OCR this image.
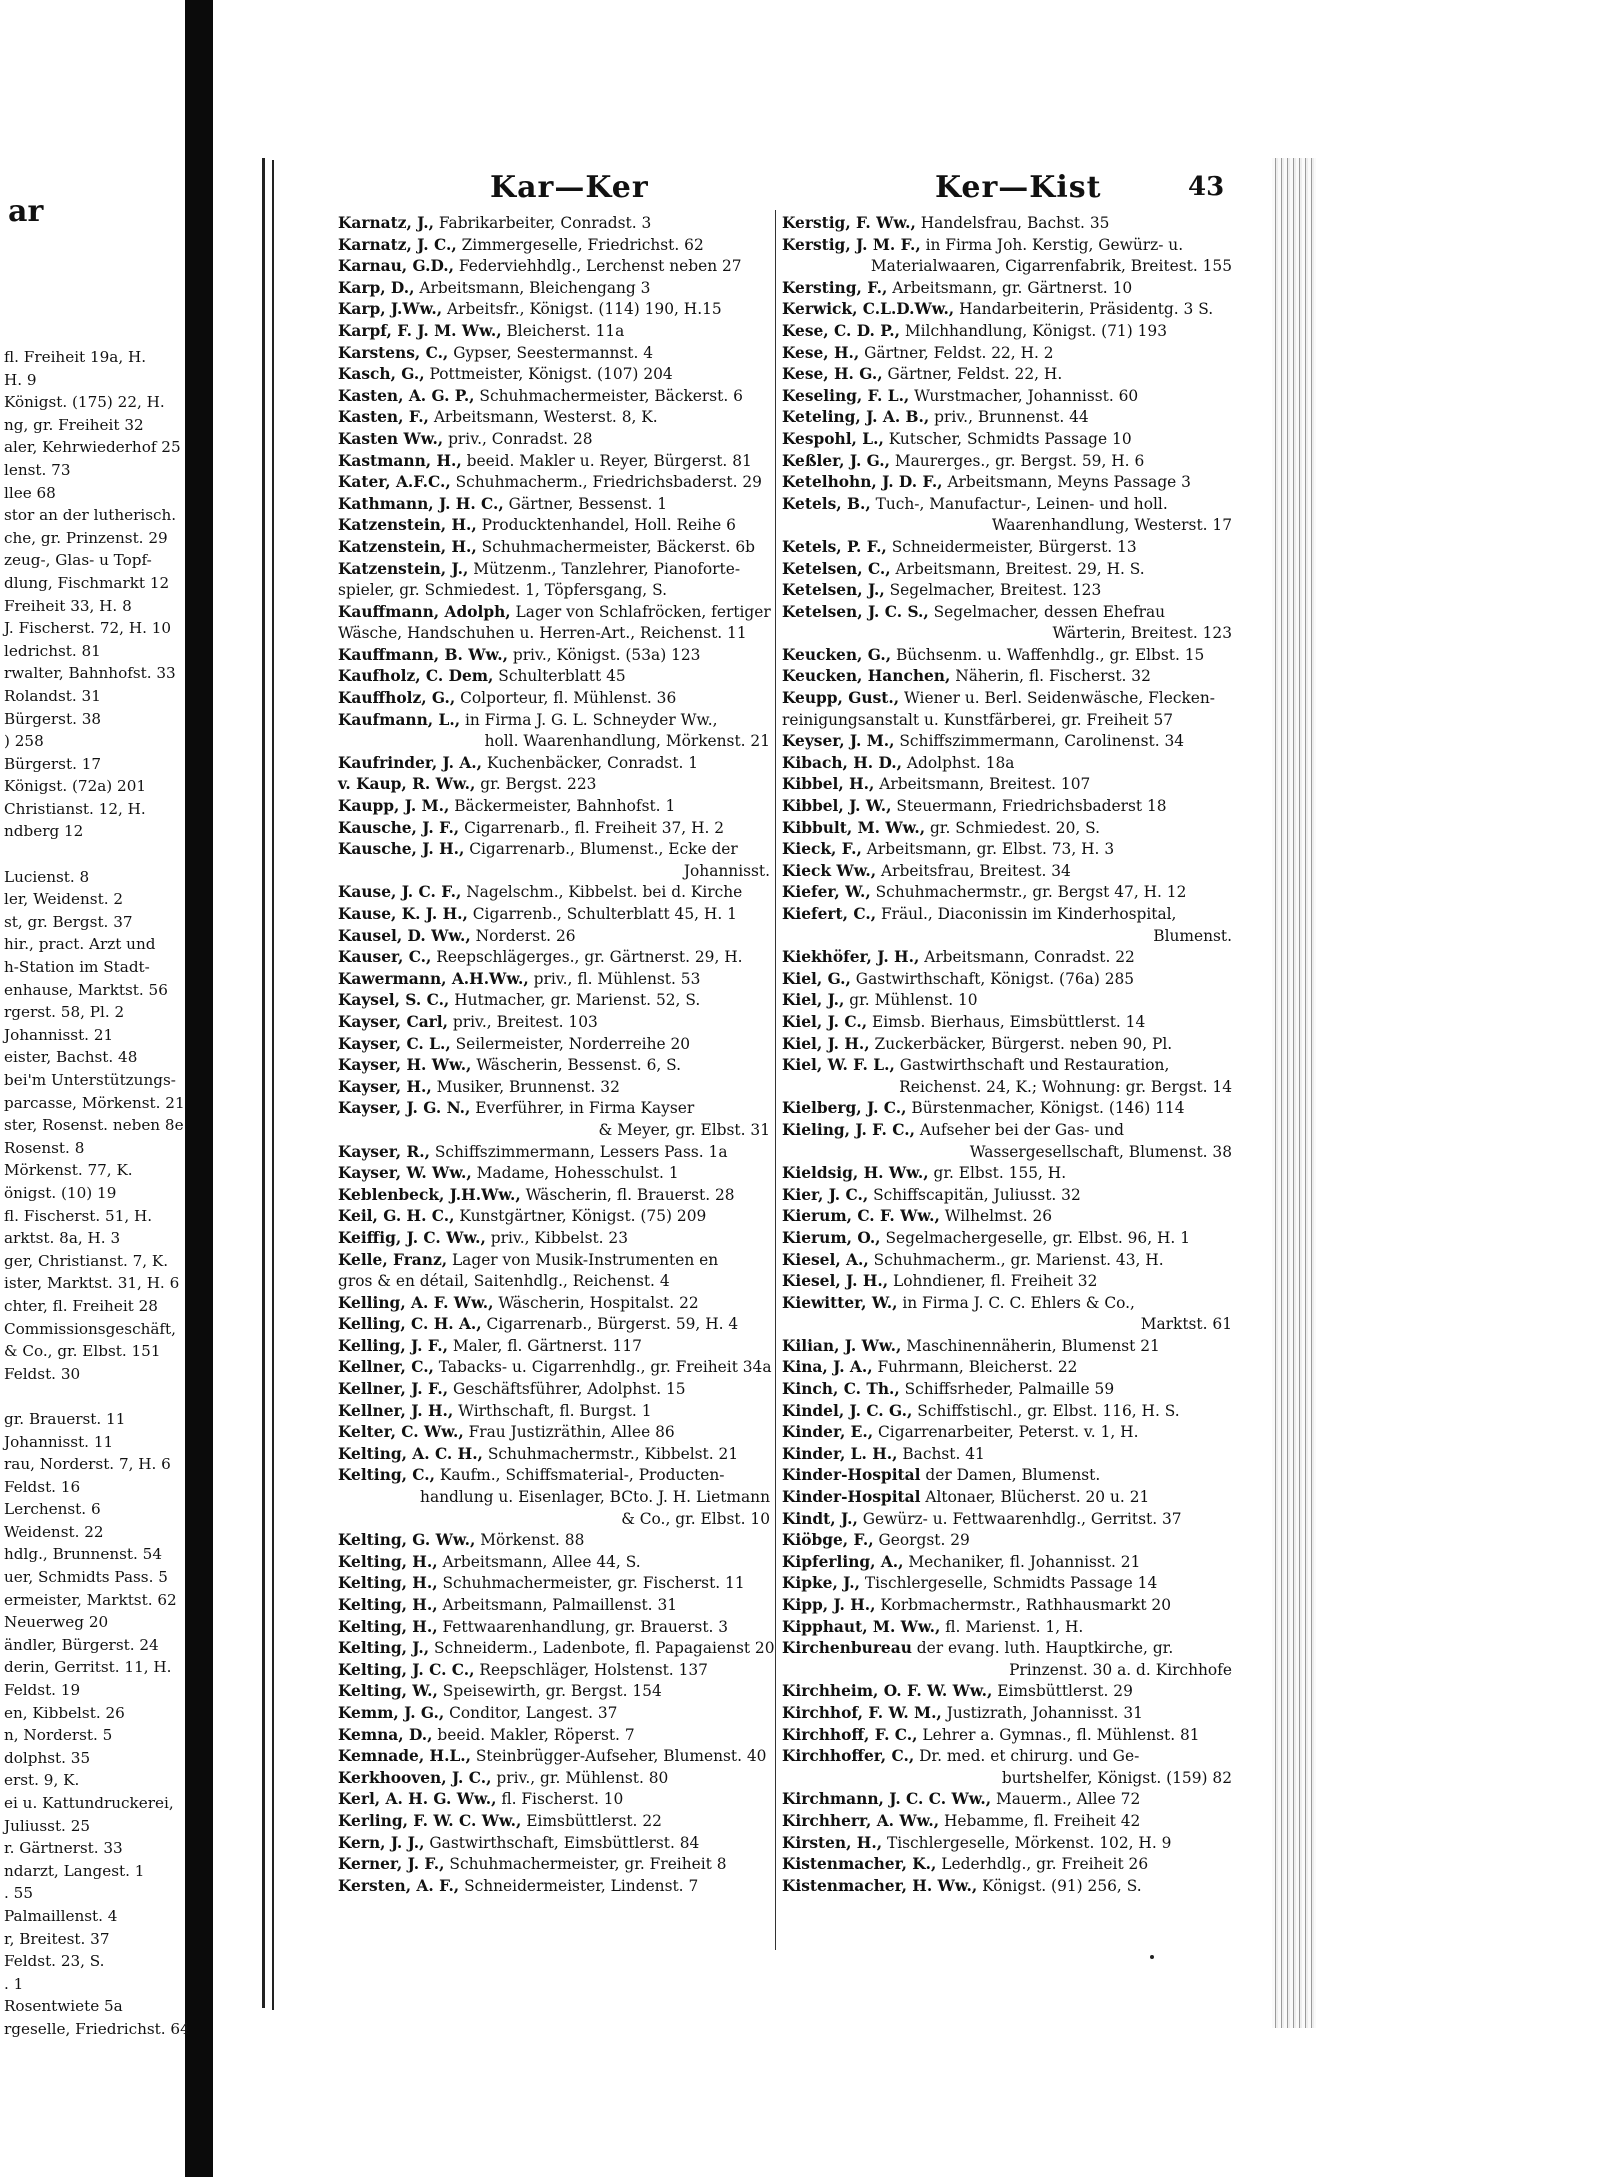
ar
fl. Freiheit 19a, H.
H. 9
Königst. (175) 22, H.
ng, gr. Freiheit 32
aler, Kehrwiederhof 25
lenst. 73
llee 68
stor an der lutherisch.
che, gr. Prinzenst. 29
zeug-, Glas- u Topf-
dlung, Fischmarkt 12
Freiheit 33, H. 8
J. Fischerst. 72, H. 10
ledrichst. 81
rwalter, Bahnhofst. 33
Rolandst. 31
Bürgerst. 38
) 258
Bürgerst. 17
Königst. (72a) 201
Christianst. 12, H.
ndberg 12
Lucienst. 8
ler, Weidenst. 2
st, gr. Bergst. 37
hir., pract. Arzt und
h-Station im Stadt-
enhause, Marktst. 56
rgerst. 58, Pl. 2
Johannisst. 21
eister, Bachst. 48
bei'm Unterstützungs-
parcasse, Mörkenst. 21
ster, Rosenst. neben 8e
Rosenst. 8
Mörkenst. 77, K.
önigst. (10) 19
fl. Fischerst. 51, H.
arktst. 8a, H. 3
ger, Christianst. 7, K.
ister, Marktst. 31, H. 6
chter, fl. Freiheit 28
Commissionsgeschäft,
& Co., gr. Elbst. 151
Feldst. 30
gr. Brauerst. 11
Johannisst. 11
rau, Norderst. 7, H. 6
Feldst. 16
Lerchenst. 6
Weidenst. 22
hdlg., Brunnenst. 54
uer, Schmidts Pass. 5
ermeister, Marktst. 62
Neuerweg 20
ändler, Bürgerst. 24
derin, Gerritst. 11, H.
Feldst. 19
en, Kibbelst. 26
n, Norderst. 5
dolphst. 35
erst. 9, K.
ei u. Kattundruckerei,
Juliusst. 25
r. Gärtnerst. 33
ndarzt, Langest. 1
. 55
Palmaillenst. 4
r, Breitest. 37
Feldst. 23, S.
. 1
Rosentwiete 5a
rgeselle, Friedrichst. 64
Kar—Ker	Ker—Kist	43
Karnatz, J., Fabrikarbeiter, Conradst. 3
Karnatz, J. C., Zimmergeselle, Friedrichst. 62
Karnau, G.D., Federviehhdlg., Lerchenst neben 27
Karp, D., Arbeitsmann, Bleichengang 3
Karp, J.Ww., Arbeitsfr., Königst. (114) 190, H.15
Karpf, F. J. M. Ww., Bleicherst. 11a
Karstens, C., Gypser, Seestermannst. 4
Kasch, G., Pottmeister, Königst. (107) 204
Kasten, A. G. P., Schuhmachermeister, Bäckerst. 6
Kasten, F., Arbeitsmann, Westerst. 8, K.
Kasten Ww., priv., Conradst. 28
Kastmann, H., beeid. Makler u. Reyer, Bürgerst. 81
Kater, A.F.C., Schuhmacherm., Friedrichsbaderst. 29
Kathmann, J. H. C., Gärtner, Bessenst. 1
Katzenstein, H., Producktenhandel, Holl. Reihe 6
Katzenstein, H., Schuhmachermeister, Bäckerst. 6b
Katzenstein, J., Mützenm., Tanzlehrer, Pianoforte-
spieler, gr. Schmiedest. 1, Töpfersgang, S.
Kauffmann, Adolph, Lager von Schlafröcken, fertiger
Wäsche, Handschuhen u. Herren-Art., Reichenst. 11
Kauffmann, B. Ww., priv., Königst. (53a) 123
Kaufholz, C. Dem, Schulterblatt 45
Kauffholz, G., Colporteur, fl. Mühlenst. 36
Kaufmann, L., in Firma J. G. L. Schneyder Ww.,
holl. Waarenhandlung, Mörkenst. 21
Kaufrinder, J. A., Kuchenbäcker, Conradst. 1
v. Kaup, R. Ww., gr. Bergst. 223
Kaupp, J. M., Bäckermeister, Bahnhofst. 1
Kausche, J. F., Cigarrenarb., fl. Freiheit 37, H. 2
Kausche, J. H., Cigarrenarb., Blumenst., Ecke der
Johannisst.
Kause, J. C. F., Nagelschm., Kibbelst. bei d. Kirche
Kause, K. J. H., Cigarrenb., Schulterblatt 45, H. 1
Kausel, D. Ww., Norderst. 26
Kauser, C., Reepschlägerges., gr. Gärtnerst. 29, H.
Kawermann, A.H.Ww., priv., fl. Mühlenst. 53
Kaysel, S. C., Hutmacher, gr. Marienst. 52, S.
Kayser, Carl, priv., Breitest. 103
Kayser, C. L., Seilermeister, Norderreihe 20
Kayser, H. Ww., Wäscherin, Bessenst. 6, S.
Kayser, H., Musiker, Brunnenst. 32
Kayser, J. G. N., Everführer, in Firma Kayser
& Meyer, gr. Elbst. 31
Kayser, R., Schiffszimmermann, Lessers Pass. 1a
Kayser, W. Ww., Madame, Hohesschulst. 1
Keblenbeck, J.H.Ww., Wäscherin, fl. Brauerst. 28
Keil, G. H. C., Kunstgärtner, Königst. (75) 209
Keiffig, J. C. Ww., priv., Kibbelst. 23
Kelle, Franz, Lager von Musik-Instrumenten en
gros & en détail, Saitenhdlg., Reichenst. 4
Kelling, A. F. Ww., Wäscherin, Hospitalst. 22
Kelling, C. H. A., Cigarrenarb., Bürgerst. 59, H. 4
Kelling, J. F., Maler, fl. Gärtnerst. 117
Kellner, C., Tabacks- u. Cigarrenhdlg., gr. Freiheit 34a
Kellner, J. F., Geschäftsführer, Adolphst. 15
Kellner, J. H., Wirthschaft, fl. Burgst. 1
Kelter, C. Ww., Frau Justizräthin, Allee 86
Kelting, A. C. H., Schuhmachermstr., Kibbelst. 21
Kelting, C., Kaufm., Schiffsmaterial-, Producten-
handlung u. Eisenlager, BCto. J. H. Lietmann
& Co., gr. Elbst. 10
Kelting, G. Ww., Mörkenst. 88
Kelting, H., Arbeitsmann, Allee 44, S.
Kelting, H., Schuhmachermeister, gr. Fischerst. 11
Kelting, H., Arbeitsmann, Palmaillenst. 31
Kelting, H., Fettwaarenhandlung, gr. Brauerst. 3
Kelting, J., Schneiderm., Ladenbote, fl. Papagaienst 20
Kelting, J. C. C., Reepschläger, Holstenst. 137
Kelting, W., Speisewirth, gr. Bergst. 154
Kemm, J. G., Conditor, Langest. 37
Kemna, D., beeid. Makler, Röperst. 7
Kemnade, H.L., Steinbrügger-Aufseher, Blumenst. 40
Kerkhooven, J. C., priv., gr. Mühlenst. 80
Kerl, A. H. G. Ww., fl. Fischerst. 10
Kerling, F. W. C. Ww., Eimsbüttlerst. 22
Kern, J. J., Gastwirthschaft, Eimsbüttlerst. 84
Kerner, J. F., Schuhmachermeister, gr. Freiheit 8
Kersten, A. F., Schneidermeister, Lindenst. 7
Kerstig, F. Ww., Handelsfrau, Bachst. 35
Kerstig, J. M. F., in Firma Joh. Kerstig, Gewürz- u.
Materialwaaren, Cigarrenfabrik, Breitest. 155
Kersting, F., Arbeitsmann, gr. Gärtnerst. 10
Kerwick, C.L.D.Ww., Handarbeiterin, Präsidentg. 3 S.
Kese, C. D. P., Milchhandlung, Königst. (71) 193
Kese, H., Gärtner, Feldst. 22, H. 2
Kese, H. G., Gärtner, Feldst. 22, H.
Keseling, F. L., Wurstmacher, Johannisst. 60
Keteling, J. A. B., priv., Brunnenst. 44
Kespohl, L., Kutscher, Schmidts Passage 10
Keßler, J. G., Maurerges., gr. Bergst. 59, H. 6
Ketelhohn, J. D. F., Arbeitsmann, Meyns Passage 3
Ketels, B., Tuch-, Manufactur-, Leinen- und holl.
Waarenhandlung, Westerst. 17
Ketels, P. F., Schneidermeister, Bürgerst. 13
Ketelsen, C., Arbeitsmann, Breitest. 29, H. S.
Ketelsen, J., Segelmacher, Breitest. 123
Ketelsen, J. C. S., Segelmacher, dessen Ehefrau
Wärterin, Breitest. 123
Keucken, G., Büchsenm. u. Waffenhdlg., gr. Elbst. 15
Keucken, Hanchen, Näherin, fl. Fischerst. 32
Keupp, Gust., Wiener u. Berl. Seidenwäsche, Flecken-
reinigungsanstalt u. Kunstfärberei, gr. Freiheit 57
Keyser, J. M., Schiffszimmermann, Carolinenst. 34
Kibach, H. D., Adolphst. 18a
Kibbel, H., Arbeitsmann, Breitest. 107
Kibbel, J. W., Steuermann, Friedrichsbaderst 18
Kibbult, M. Ww., gr. Schmiedest. 20, S.
Kieck, F., Arbeitsmann, gr. Elbst. 73, H. 3
Kieck Ww., Arbeitsfrau, Breitest. 34
Kiefer, W., Schuhmachermstr., gr. Bergst 47, H. 12
Kiefert, C., Fräul., Diaconissin im Kinderhospital,
Blumenst.
Kiekhöfer, J. H., Arbeitsmann, Conradst. 22
Kiel, G., Gastwirthschaft, Königst. (76a) 285
Kiel, J., gr. Mühlenst. 10
Kiel, J. C., Eimsb. Bierhaus, Eimsbüttlerst. 14
Kiel, J. H., Zuckerbäcker, Bürgerst. neben 90, Pl.
Kiel, W. F. L., Gastwirthschaft und Restauration,
Reichenst. 24, K.; Wohnung: gr. Bergst. 14
Kielberg, J. C., Bürstenmacher, Königst. (146) 114
Kieling, J. F. C., Aufseher bei der Gas- und
Wassergesellschaft, Blumenst. 38
Kieldsig, H. Ww., gr. Elbst. 155, H.
Kier, J. C., Schiffscapitän, Juliusst. 32
Kierum, C. F. Ww., Wilhelmst. 26
Kierum, O., Segelmachergeselle, gr. Elbst. 96, H. 1
Kiesel, A., Schuhmacherm., gr. Marienst. 43, H.
Kiesel, J. H., Lohndiener, fl. Freiheit 32
Kiewitter, W., in Firma J. C. C. Ehlers & Co.,
Marktst. 61
Kilian, J. Ww., Maschinennäherin, Blumenst 21
Kina, J. A., Fuhrmann, Bleicherst. 22
Kinch, C. Th., Schiffsrheder, Palmaille 59
Kindel, J. C. G., Schiffstischl., gr. Elbst. 116, H. S.
Kinder, E., Cigarrenarbeiter, Peterst. v. 1, H.
Kinder, L. H., Bachst. 41
Kinder-Hospital der Damen, Blumenst.
Kinder-Hospital Altonaer, Blücherst. 20 u. 21
Kindt, J., Gewürz- u. Fettwaarenhdlg., Gerritst. 37
Kiöbge, F., Georgst. 29
Kipferling, A., Mechaniker, fl. Johannisst. 21
Kipke, J., Tischlergeselle, Schmidts Passage 14
Kipp, J. H., Korbmachermstr., Rathhausmarkt 20
Kipphaut, M. Ww., fl. Marienst. 1, H.
Kirchenbureau der evang. luth. Hauptkirche, gr.
Prinzenst. 30 a. d. Kirchhofe
Kirchheim, O. F. W. Ww., Eimsbüttlerst. 29
Kirchhof, F. W. M., Justizrath, Johannisst. 31
Kirchhoff, F. C., Lehrer a. Gymnas., fl. Mühlenst. 81
Kirchhoffer, C., Dr. med. et chirurg. und Ge-
burtshelfer, Königst. (159) 82
Kirchmann, J. C. C. Ww., Mauerm., Allee 72
Kirchherr, A. Ww., Hebamme, fl. Freiheit 42
Kirsten, H., Tischlergeselle, Mörkenst. 102, H. 9
Kistenmacher, K., Lederhdlg., gr. Freiheit 26
Kistenmacher, H. Ww., Königst. (91) 256, S.
